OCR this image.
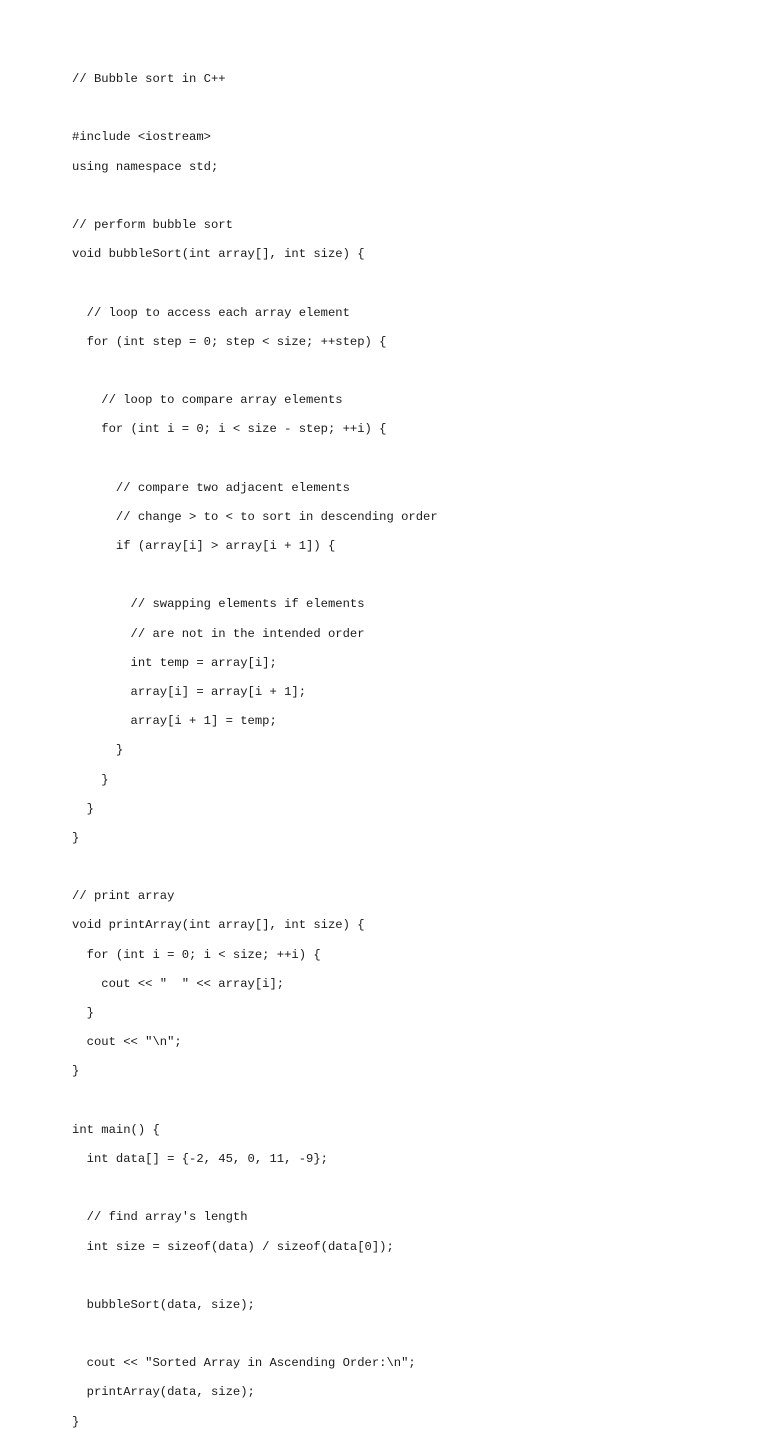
// Bubble sort in C++

#include <iostream>

using namespace std;

// perform bubble sort

void bubbleSort(int array[], int size) {

// loop to access each array element

for (int step = 0; step < size; ++step) {

// loop to compare array elements

for (int i = 0; i < size - step; ++i) {

// compare two adjacent elements

// change > to < to sort in descending order

if (array[i] > array[i + 1]) {

// swapping elements if elements

// are not in the intended order

int temp = array[i];

array[i] = array[i + 1];

array[i + 1] = temp;

}

}

}

}

// print array

void printArray(int array[], int size) {

for (int i = 0; i < size; ++i) {

cout << "  " << array[i];

}

cout << "\n";

}

int main() {

int data[] = {-2, 45, 0, 11, -9};

// find array's length

int size = sizeof(data) / sizeof(data[0]);

bubbleSort(data, size);

cout << "Sorted Array in Ascending Order:\n";

printArray(data, size);

}
